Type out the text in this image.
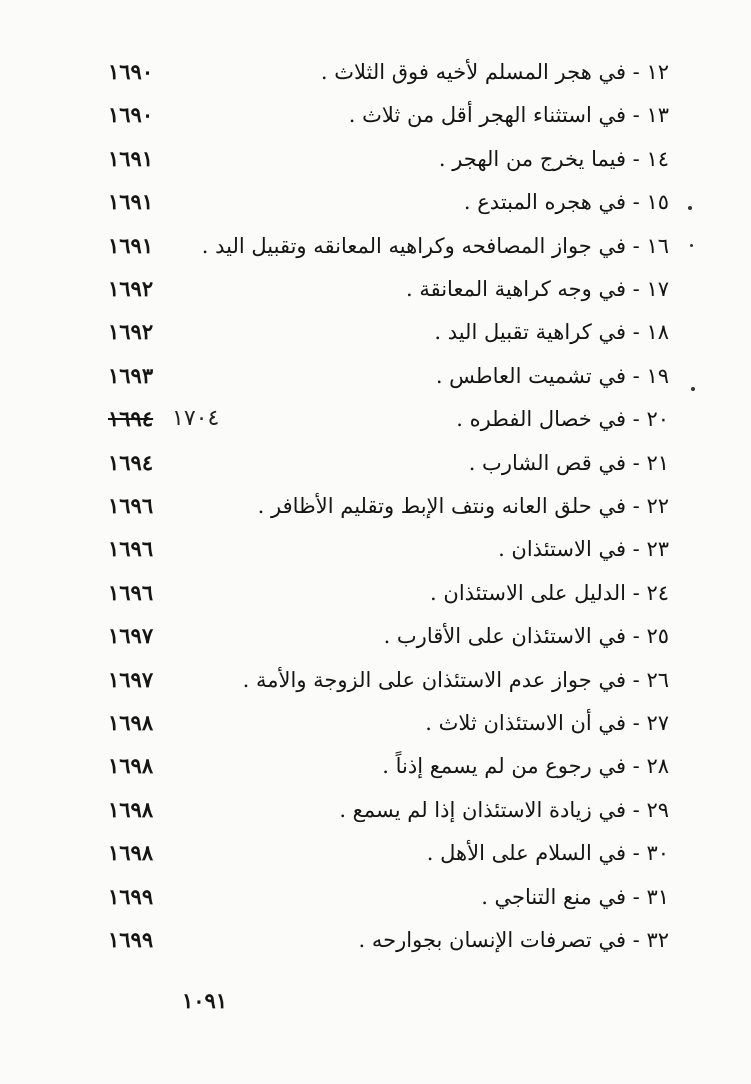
١٢ - في هجر المسلم لأخيه فوق الثلاث .
١٦٩٠
١٣ - في استثناء الهجر أقل من ثلاث .
١٦٩٠
١٤ - فيما يخرج من الهجر .
١٦٩١
١٥ - في هجره المبتدع .
١٦٩١
١٦ - في جواز المصافحه وكراهيه المعانقه وتقبيل اليد .
١٦٩١
١٧ - في وجه كراهية المعانقة .
١٦٩٢
١٨ - في كراهية تقبيل اليد .
١٦٩٢
١٩ - في تشميت العاطس .
١٦٩٣
٢٠ - في خصال الفطره .
١٦٩٤ ١٧٠٤
٢١ - في قص الشارب .
١٦٩٤
٢٢ - في حلق العانه ونتف الإبط وتقليم الأظافر .
١٦٩٦
٢٣ - في الاستئذان .
١٦٩٦
٢٤ - الدليل على الاستئذان .
١٦٩٦
٢٥ - في الاستئذان على الأقارب .
١٦٩٧
٢٦ - في جواز عدم الاستئذان على الزوجة والأمة .
١٦٩٧
٢٧ - في أن الاستئذان ثلاث .
١٦٩٨
٢٨ - في رجوع من لم يسمع إذناً .
١٦٩٨
٢٩ - في زيادة الاستئذان إذا لم يسمع .
١٦٩٨
٣٠ - في السلام على الأهل .
١٦٩٨
٣١ - في منع التناجي .
١٦٩٩
٣٢ - في تصرفات الإنسان بجوارحه .
١٦٩٩
١٠٩١
